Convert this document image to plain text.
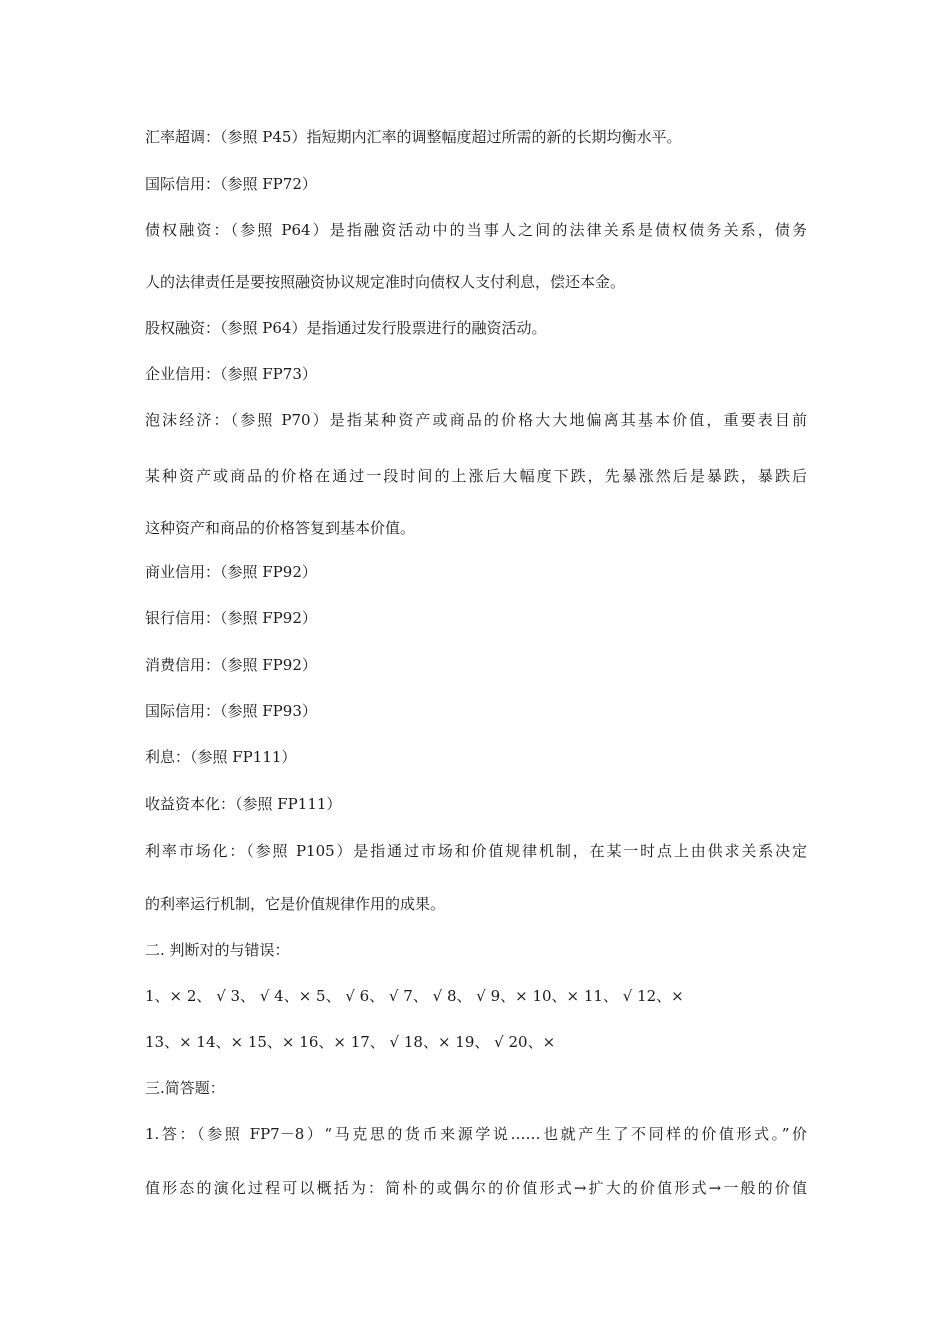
汇率超调：（参照 P45）指短期内汇率的调整幅度超过所需的新的长期均衡水平。
国际信用：（参照 FP72）
债权融资：（参照 P64）是指融资活动中的当事人之间的法律关系是债权债务关系，债务
人的法律责任是要按照融资协议规定准时向债权人支付利息，偿还本金。
股权融资：（参照 P64）是指通过发行股票进行的融资活动。
企业信用：（参照 FP73）
泡沫经济：（参照 P70）是指某种资产或商品的价格大大地偏离其基本价值，重要表目前
某种资产或商品的价格在通过一段时间的上涨后大幅度下跌，先暴涨然后是暴跌，暴跌后
这种资产和商品的价格答复到基本价值。
商业信用：（参照 FP92）
银行信用：（参照 FP92）
消费信用：（参照 FP92）
国际信用：（参照 FP93）
利息：（参照 FP111）
收益资本化：（参照 FP111）
利率市场化：（参照 P105）是指通过市场和价值规律机制，在某一时点上由供求关系决定
的利率运行机制，它是价值规律作用的成果。
二. 判断对的与错误：
1、× 2、 √ 3、 √ 4、× 5、 √ 6、 √ 7、 √ 8、 √ 9、× 10、× 11、 √ 12、×
13、× 14、× 15、× 16、× 17、 √ 18、× 19、 √ 20、×
三.简答题：
1.答：（参照 FP7－8）“马克思的货币来源学说……也就产生了不同样的价值形式。”价
值形态的演化过程可以概括为：简朴的或偶尔的价值形式→扩大的价值形式→一般的价值
